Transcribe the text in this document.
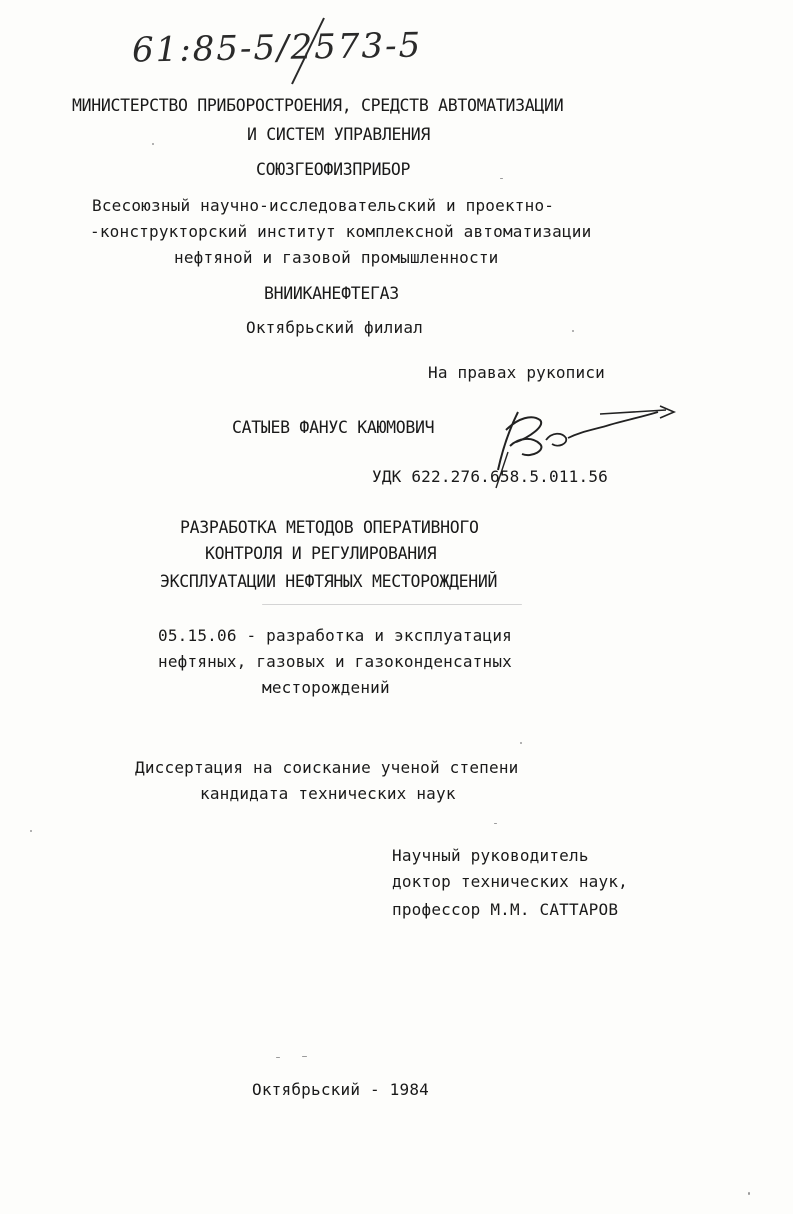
61:85-5/2573-5
МИНИСТЕРСТВО ПРИБОРОСТРОЕНИЯ, СРЕДСТВ АВТОМАТИЗАЦИИ
И СИСТЕМ УПРАВЛЕНИЯ
СОЮЗГЕОФИЗПРИБОР
Всесоюзный научно-исследовательский и проектно-
-конструкторский институт комплексной автоматизации
нефтяной и газовой промышленности
ВНИИКАНЕФТЕГАЗ
Октябрьский филиал
На правах рукописи
САТЫЕВ ФАНУС КАЮМОВИЧ
УДК 622.276.658.5.011.56
РАЗРАБОТКА МЕТОДОВ ОПЕРАТИВНОГО
КОНТРОЛЯ И РЕГУЛИРОВАНИЯ
ЭКСПЛУАТАЦИИ НЕФТЯНЫХ МЕСТОРОЖДЕНИЙ
05.15.06 - разработка и эксплуатация
нефтяных, газовых и газоконденсатных
месторождений
Диссертация на соискание ученой степени
кандидата технических наук
Научный руководитель
доктор технических наук,
профессор М.М. САТТАРОВ
Октябрьский - 1984
